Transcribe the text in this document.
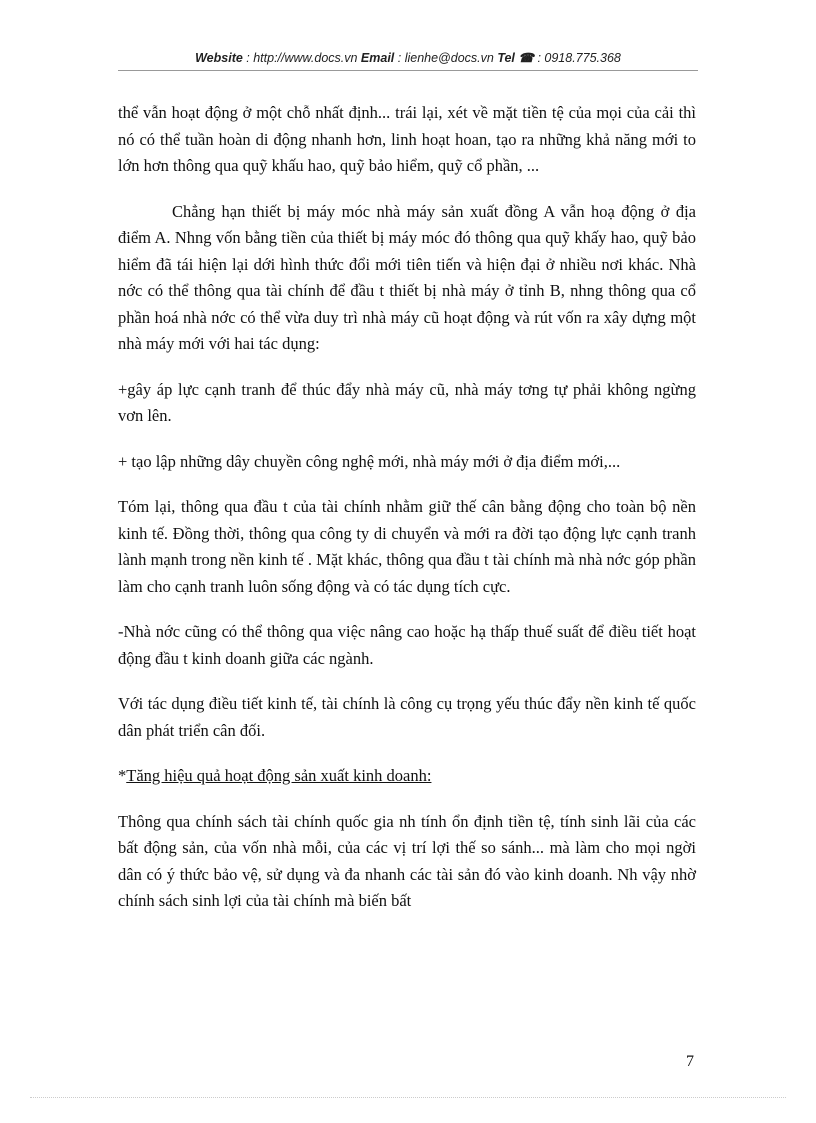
Website : http://www.docs.vn Email : lienhe@docs.vn Tel ☎ : 0918.775.368

thể vẫn hoạt động ở một chỗ nhất định... trái lại, xét về mặt tiền tệ của mọi của cải thì nó có thể tuần hoàn di động nhanh hơn, linh hoạt hoan, tạo ra những khả năng mới to lớn hơn thông qua quỹ khấu hao, quỹ bảo hiểm, quỹ cổ phần, ...

Chẳng hạn thiết bị máy móc nhà máy sản xuất đồng A vẫn hoạ động ở địa điểm A. Nhng vốn bằng tiền của thiết bị máy móc đó thông qua quỹ khấy hao, quỹ bảo hiểm đã tái hiện lại dới hình thức đổi mới tiên tiến và hiện đại ở nhiều nơi khác. Nhà nớc có thể thông qua tài chính để đầu t thiết bị nhà máy ở tỉnh B, nhng thông qua cổ phần hoá nhà nớc có thể vừa duy trì nhà máy cũ hoạt động và rút vốn ra xây dựng một nhà máy mới với hai tác dụng:

+gây áp lực cạnh tranh để thúc đẩy nhà máy cũ, nhà máy tơng tự phải không ngừng vơn lên.

+ tạo lập những dây chuyền công nghệ mới, nhà máy mới ở địa điểm mới,...

Tóm lại, thông qua đầu t của tài chính nhằm giữ thế cân bằng động cho toàn bộ nền kinh tế. Đồng thời, thông qua công ty di chuyển và mới ra đời tạo động lực cạnh tranh lành mạnh trong nền kinh tế . Mặt khác, thông qua đầu t tài chính mà nhà nớc góp phần làm cho cạnh tranh luôn sống động và có tác dụng tích cực.

-Nhà nớc cũng có thể thông qua việc nâng cao hoặc hạ thấp thuế suất để điều tiết hoạt động đầu t kinh doanh giữa các ngành.

Với tác dụng điều tiết kinh tế, tài chính là công cụ trọng yếu thúc đẩy nền kinh tế quốc dân phát triển cân đối.

*Tăng hiệu quả hoạt động sản xuất kinh doanh:

Thông qua chính sách tài chính quốc gia nh tính ổn định tiền tệ, tính sinh lãi của các bất động sản, của vốn nhà mỗi, của các vị trí lợi thế so sánh... mà làm cho mọi ngời dân có ý thức bảo vệ, sử dụng và đa nhanh các tài sản đó vào kinh doanh. Nh vậy nhờ chính sách sinh lợi của tài chính mà biến bất

7
